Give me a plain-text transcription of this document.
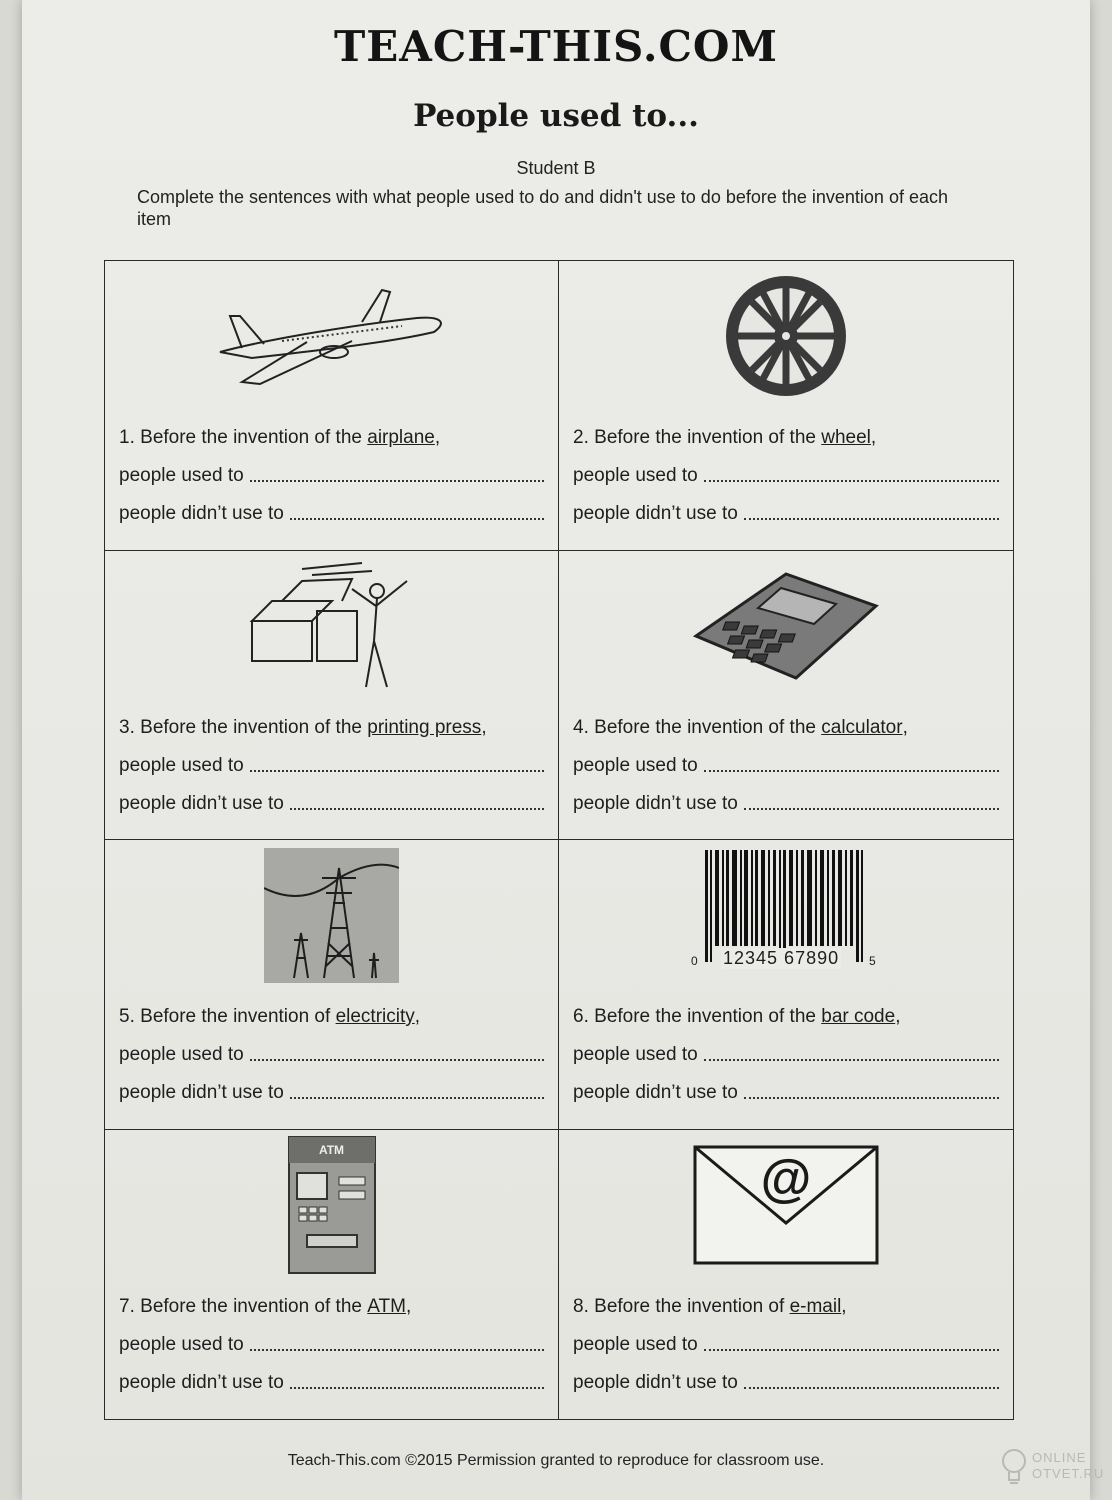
TEACH-THIS.COM
People used to...
Student B
Complete the sentences with what people used to do and didn't use to do before the invention of each item
1.
Before the invention of the
airplane ,
people used to
people didn’t use to
2.
Before the invention of the
wheel ,
people used to
people didn’t use to
3.
Before the invention of the
printing press ,
people used to
people didn’t use to
4.
Before the invention of the
calculator ,
people used to
people didn’t use to
5.
Before the invention of
electricity ,
people used to
people didn’t use to
0 12345 67890 5
6.
Before the invention of the
bar code ,
people used to
people didn’t use to
ATM
7.
Before the invention of the
ATM ,
people used to
people didn’t use to
@
8.
Before the invention of
e-mail ,
people used to
people didn’t use to
Teach-This.com ©2015 Permission granted to reproduce for classroom use.	ONLINE OTVET.RU
